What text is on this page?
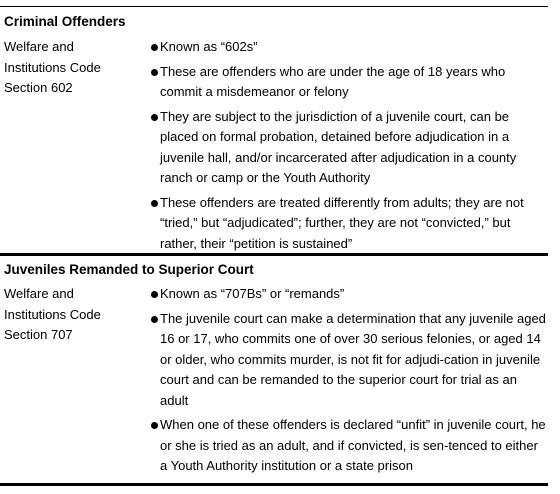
Criminal Offenders
Welfare and
Institutions Code
Section 602
Known as “602s”
These are offenders who are under the age of 18 years who commit a misdemeanor or felony
They are subject to the jurisdiction of a juvenile court, can be placed on formal probation, detained before adjudication in a juvenile hall, and/or incarcerated after adjudication in a county ranch or camp or the Youth Authority
These offenders are treated differently from adults; they are not “tried,” but “adjudicated”; further, they are not “convicted,” but rather, their “petition is sustained”
Juveniles Remanded to Superior Court
Welfare and
Institutions Code
Section 707
Known as “707Bs” or “remands”
The juvenile court can make a determination that any juvenile aged 16 or 17, who commits one of over 30 serious felonies, or aged 14 or older, who commits murder, is not fit for adjudi-cation in juvenile court and can be remanded to the superior court for trial as an adult
When one of these offenders is declared “unfit” in juvenile court, he or she is tried as an adult, and if convicted, is sen-tenced to either a Youth Authority institution or a state prison
